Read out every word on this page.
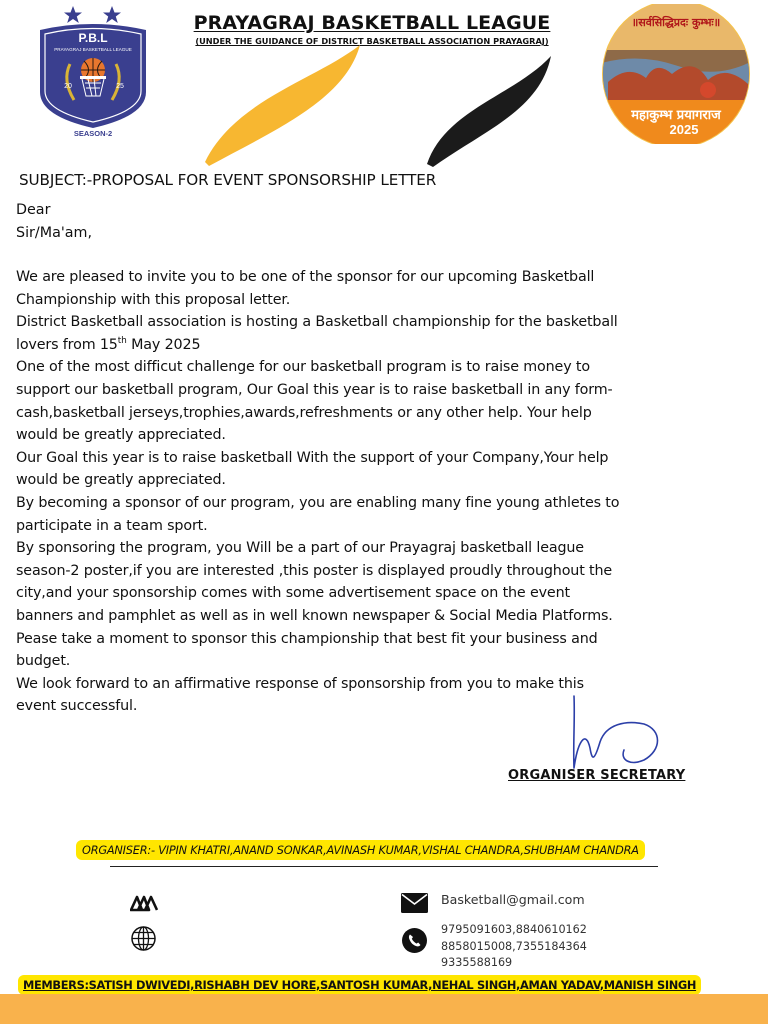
P.B.L
PRAYAGRAJ BASKETBALL LEAGUE
20	25
SEASON-2
PRAYAGRAJ BASKETBALL LEAGUE
(UNDER THE GUIDANCE OF DISTRICT BASKETBALL ASSOCIATION PRAYAGRAJ)
॥सर्वसिद्धिप्रदः कुम्भः॥
महाकुम्भ प्रयागराज
2025
SUBJECT:-PROPOSAL FOR EVENT SPONSORSHIP LETTER
Dear
Sir/Ma'am,

We are pleased to invite you to be one of the sponsor for our upcoming Basketball

Championship with this proposal letter.

District Basketball association is hosting a Basketball championship for the basketball

lovers from 15th May 2025

One of the most difficut challenge for our basketball program is to raise money to

support our basketball program, Our Goal this year is to raise basketball in any form-

cash,basketball jerseys,trophies,awards,refreshments or any other help. Your help

would be greatly appreciated.

Our Goal this year is to raise basketball With the support of your Company,Your help

would be greatly appreciated.

By becoming a sponsor of our program, you are enabling many fine young athletes to

participate in a team sport.

By sponsoring the program, you Will be a part of our Prayagraj basketball league

season-2 poster,if you are interested ,this poster is displayed proudly throughout the

city,and your sponsorship comes with some advertisement space on the event

banners and pamphlet as well as in well known newspaper & Social Media Platforms.

Pease take a moment to sponsor this championship that best fit your business and

budget.

We look forward to an affirmative response of sponsorship from you to make this

event successful.

ORGANISER SECRETARY
ORGANISER:- VIPIN KHATRI,ANAND SONKAR,AVINASH KUMAR,VISHAL CHANDRA,SHUBHAM CHANDRA
Basketball@gmail.com
9795091603,8840610162
8858015008,7355184364
9335588169
MEMBERS:SATISH DWIVEDI,RISHABH DEV HORE,SANTOSH KUMAR,NEHAL SINGH,AMAN YADAV,MANISH SINGH
